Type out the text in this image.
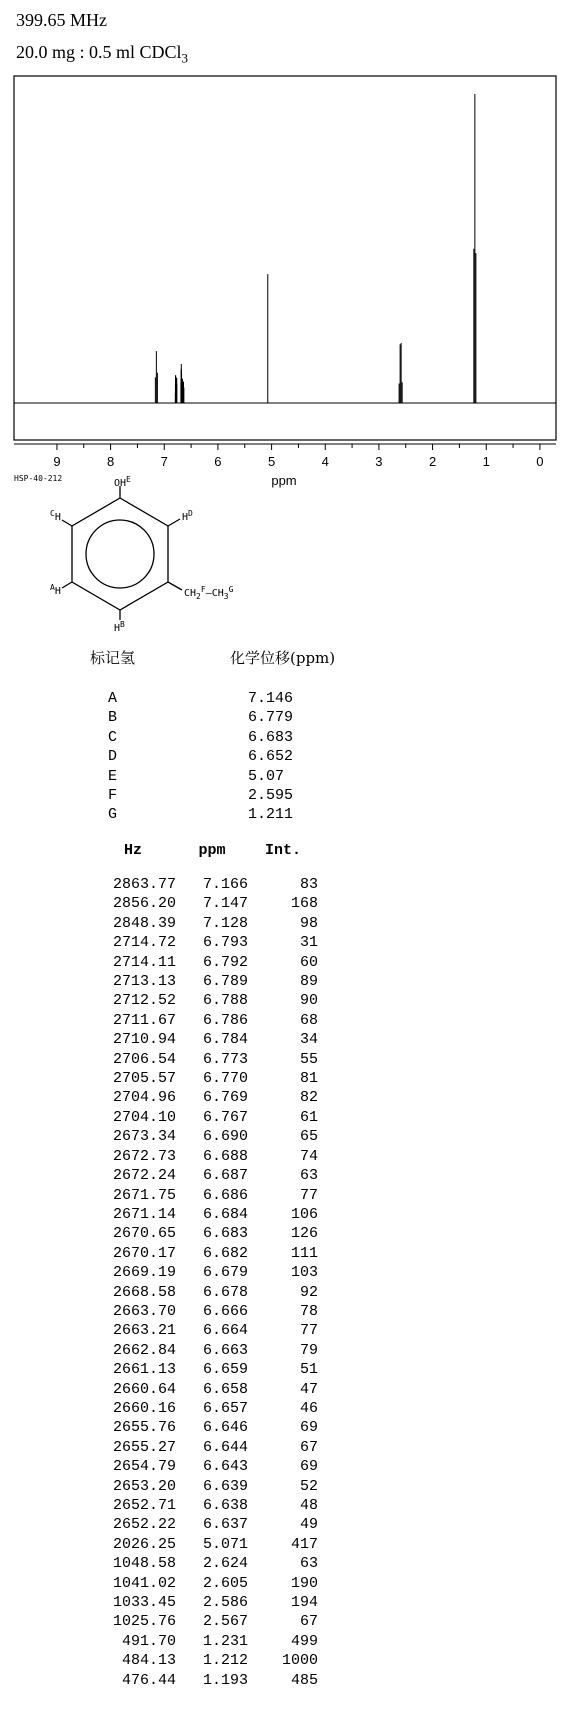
399.65 MHz
20.0 mg : 0.5 ml CDCl$_3$
9	8	7	6	5	4	3	2	1	0
ppm
HSP-40-212	$OH^E$
$H^D$
$^C$H
$^A$H
$H^B$
$CH_2^F—CH_3^G$
标记氢	化学位移(ppm)
A	7.146
B	6.779
C	6.683
D	6.652
E	5.07
F	2.595
G	1.211
Hz	ppm	Int.

2863.77	7.166	83
2856.20	7.147	168
2848.39	7.128	98
2714.72	6.793	31
2714.11	6.792	60
2713.13	6.789	89
2712.52	6.788	90
2711.67	6.786	68
2710.94	6.784	34
2706.54	6.773	55
2705.57	6.770	81
2704.96	6.769	82
2704.10	6.767	61
2673.34	6.690	65
2672.73	6.688	74
2672.24	6.687	63
2671.75	6.686	77
2671.14	6.684	106
2670.65	6.683	126
2670.17	6.682	111
2669.19	6.679	103
2668.58	6.678	92
2663.70	6.666	78
2663.21	6.664	77
2662.84	6.663	79
2661.13	6.659	51
2660.64	6.658	47
2660.16	6.657	46
2655.76	6.646	69
2655.27	6.644	67
2654.79	6.643	69
2653.20	6.639	52
2652.71	6.638	48
2652.22	6.637	49
2026.25	5.071	417
1048.58	2.624	63
1041.02	2.605	190
1033.45	2.586	194
1025.76	2.567	67
491.70	1.231	499
484.13	1.212	1000
476.44	1.193	485
